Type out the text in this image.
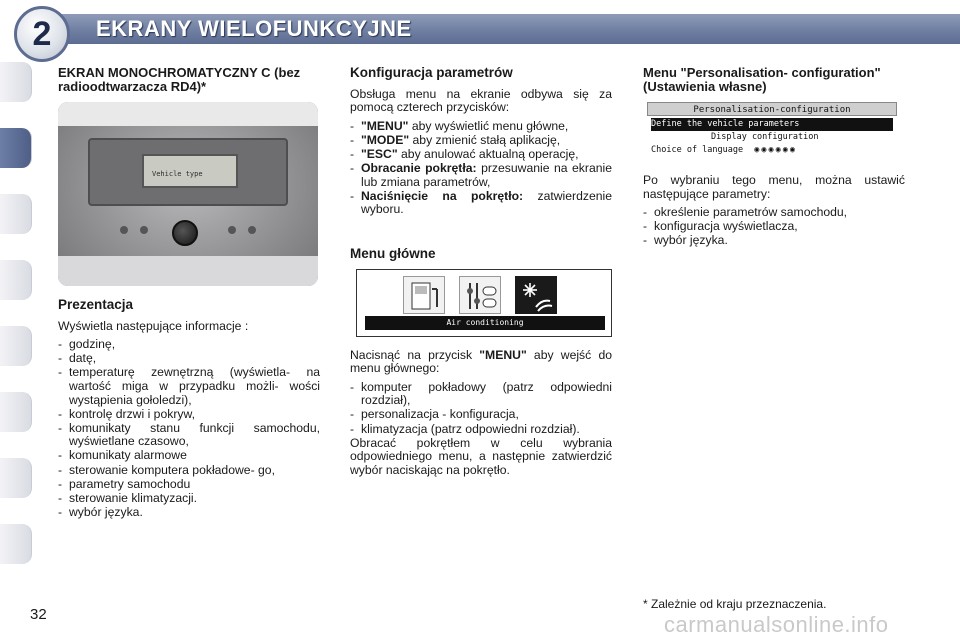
2	EKRANY WIELOFUNKCYJNE
EKRAN MONOCHROMATYCZNY C (bez radioodtwarzacza RD4)*
Vehicle type
Prezentacja

Wyświetla następujące informacje :

- godzinę,
- datę,
- temperaturę zewnętrzną (wyświetla- na wartość miga w przypadku możli- wości wystąpienia gołoledzi),
- kontrolę drzwi i pokryw,
- komunikaty stanu funkcji samochodu, wyświetlane czasowo,
- komunikaty alarmowe
- sterowanie komputera pokładowe- go,
- parametry samochodu
- sterowanie klimatyzacji.
- wybór języka.
Konfiguracja parametrów

Obsługa menu na ekranie odbywa się za pomocą czterech przycisków:

- "MENU" aby wyświetlić menu główne,
- "MODE" aby zmienić stałą aplikację,
- "ESC" aby anulować aktualną operację,
- Obracanie pokrętła: przesuwanie na ekranie lub zmiana parametrów,
- Naciśnięcie na pokrętło: zatwierdzenie wyboru.
Menu główne
Air conditioning

Nacisnąć na przycisk "MENU" aby wejść do menu głównego:

- komputer pokładowy (patrz odpowiedni rozdział),
- personalizacja - konfiguracja,
- klimatyzacja (patrz odpowiedni rozdział).

Obracać pokrętłem w celu wybrania odpowiedniego menu, a następnie zatwierdzić wybór naciskając na pokrętło.

Menu "Personalisation- configuration" (Ustawienia własne)
Personalisation-configuration
Define the vehicle parameters
Display configuration
Choice of language ◉◉◉◉◉◉

Po wybraniu tego menu, można ustawić następujące parametry:

- określenie parametrów samochodu,
- konfiguracja wyświetlacza,
- wybór języka.
* Zależnie od kraju przeznaczenia.
32	carmanualsonline.info
